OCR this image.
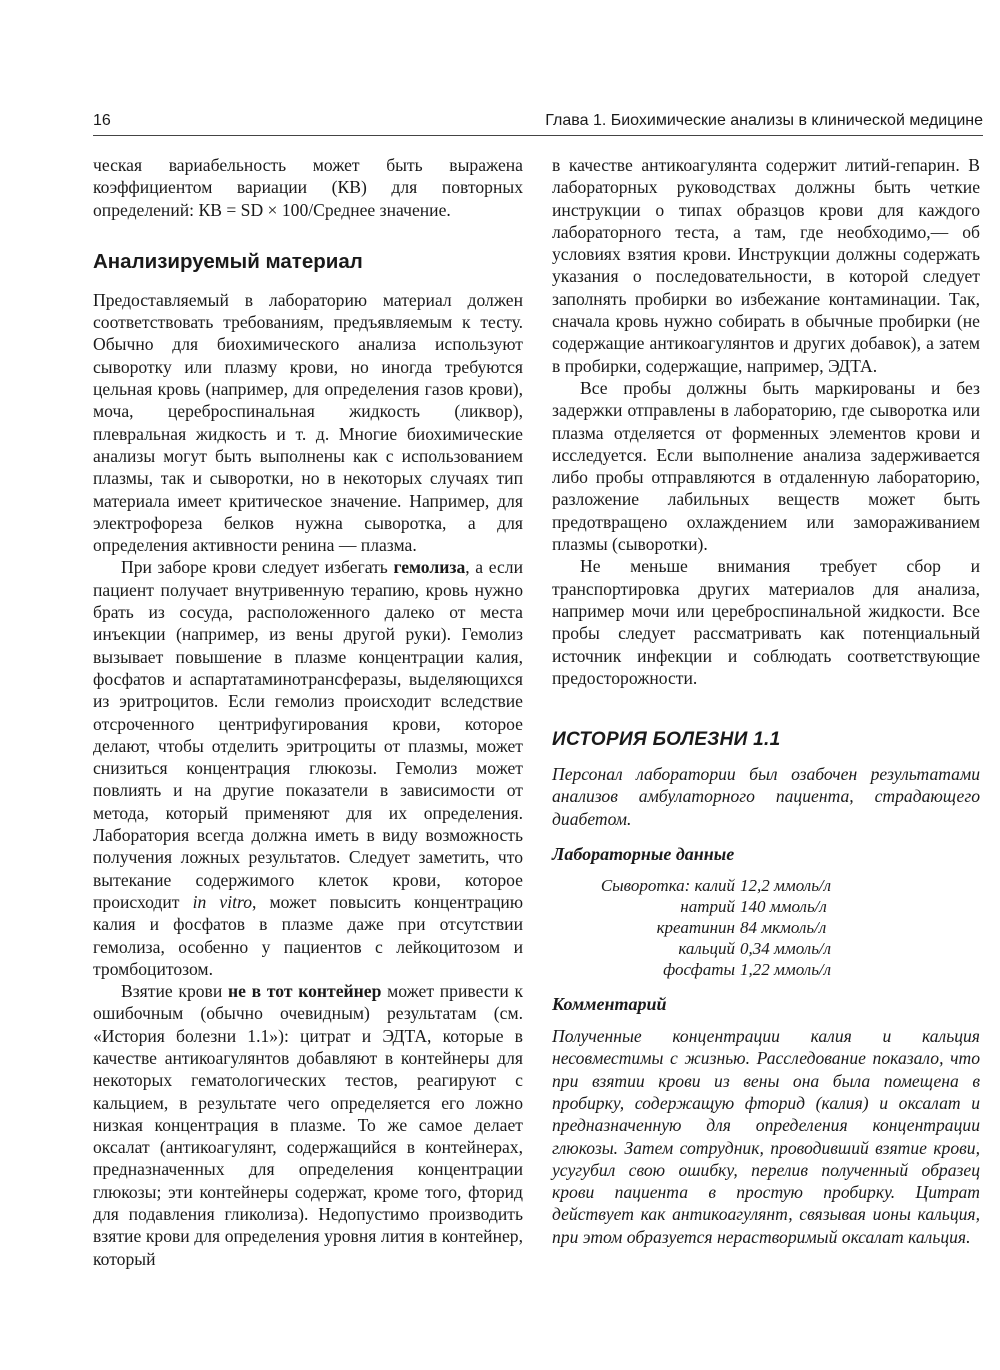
16	Глава 1. Биохимические анализы в клинической медицине

ческая вариабельность может быть выражена коэффициентом вариации (КВ) для повторных определений: КВ = SD × 100/Среднее значение.

Анализируемый материал

Предоставляемый в лабораторию материал должен соответствовать требованиям, предъявляемым к тесту. Обычно для биохимического анализа используют сыворотку или плазму крови, но иногда требуются цельная кровь (например, для определения газов крови), моча, цереброспинальная жидкость (ликвор), плевральная жидкость и т. д. Многие биохимические анализы могут быть выполнены как с использованием плазмы, так и сыворотки, но в некоторых случаях тип материала имеет критическое значение. Например, для электрофореза белков нужна сыворотка, а для определения активности ренина — плазма.

При заборе крови следует избегать гемолиза, а если пациент получает внутривенную терапию, кровь нужно брать из сосуда, расположенного далеко от места инъекции (например, из вены другой руки). Гемолиз вызывает повышение в плазме концентрации калия, фосфатов и аспартатаминотрансферазы, выделяющихся из эритроцитов. Если гемолиз происходит вследствие отсроченного центрифугирования крови, которое делают, чтобы отделить эритроциты от плазмы, может снизиться концентрация глюкозы. Гемолиз может повлиять и на другие показатели в зависимости от метода, который применяют для их определения. Лаборатория всегда должна иметь в виду возможность получения ложных результатов. Следует заметить, что вытекание содержимого клеток крови, которое происходит in vitro, может повысить концентрацию калия и фосфатов в плазме даже при отсутствии гемолиза, особенно у пациентов с лейкоцитозом и тромбоцитозом.

Взятие крови не в тот контейнер может привести к ошибочным (обычно очевидным) результатам (см. «История болезни 1.1»): цитрат и ЭДТА, которые в качестве антикоагулянтов добавляют в контейнеры для некоторых гематологических тестов, реагируют с кальцием, в результате чего определяется его ложно низкая концентрация в плазме. То же самое делает оксалат (антикоагулянт, содержащийся в контейнерах, предназначенных для определения концентрации глюкозы; эти контейнеры содержат, кроме того, фторид для подавления гликолиза). Недопустимо производить взятие крови для определения уровня лития в контейнер, который

в качестве антикоагулянта содержит литий-гепарин. В лабораторных руководствах должны быть четкие инструкции о типах образцов крови для каждого лабораторного теста, а там, где необходимо,— об условиях взятия крови. Инструкции должны содержать указания о последовательности, в которой следует заполнять пробирки во избежание контаминации. Так, сначала кровь нужно собирать в обычные пробирки (не содержащие антикоагулянтов и других добавок), а затем в пробирки, содержащие, например, ЭДТА.

Все пробы должны быть маркированы и без задержки отправлены в лабораторию, где сыворотка или плазма отделяется от форменных элементов крови и исследуется. Если выполнение анализа задерживается либо пробы отправляются в отдаленную лабораторию, разложение лабильных веществ может быть предотвращено охлаждением или замораживанием плазмы (сыворотки).

Не меньше внимания требует сбор и транспортировка других материалов для анализа, например мочи или цереброспинальной жидкости. Все пробы следует рассматривать как потенциальный источник инфекции и соблюдать соответствующие предосторожности.

ИСТОРИЯ БОЛЕЗНИ 1.1

Персонал лаборатории был озабочен результатами анализов амбулаторного пациента, страдающего диабетом.

Лабораторные данные
Сыворотка: калий	12,2 ммоль/л
натрий	140 ммоль/л
креатинин	84 мкмоль/л
кальций	0,34 ммоль/л
фосфаты	1,22 ммоль/л
Комментарий

Полученные концентрации калия и кальция несовместимы с жизнью. Расследование показало, что при взятии крови из вены она была помещена в пробирку, содержащую фторид (калия) и оксалат и предназначенную для определения концентрации глюкозы. Затем сотрудник, проводивший взятие крови, усугубил свою ошибку, перелив полученный образец крови пациента в простую пробирку. Цитрат действует как антикоагулянт, связывая ионы кальция, при этом образуется нерастворимый оксалат кальция.
